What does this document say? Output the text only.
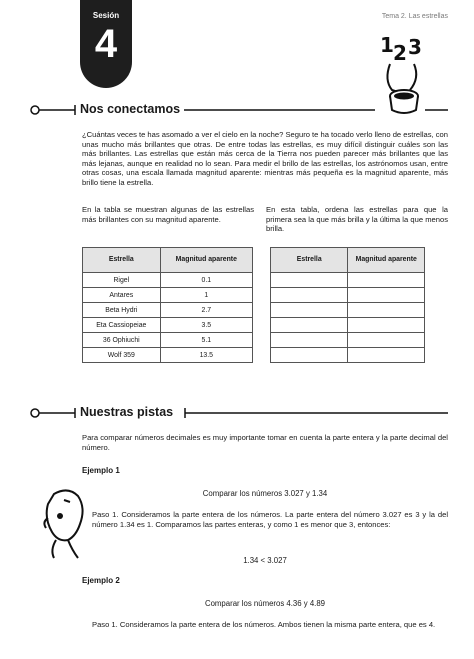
Sesión
4
Tema 2. Las estrellas
1 2 3
Nos conectamos

¿Cuántas veces te has asomado a ver el cielo en la noche? Seguro te ha tocado verlo lleno de estrellas, con unas mucho más brillantes que otras. De entre todas las estrellas, es muy difícil distinguir cuáles son las más brillantes. Las estrellas que están más cerca de la Tierra nos pueden parecer más brillantes que las más lejanas, aunque en realidad no lo sean. Para medir el brillo de las estrellas, los astrónomos usan, entre otras cosas, una escala llamada magnitud aparente: mientras más pequeña es la magnitud aparente, más brillo tiene la estrella.

En la tabla se muestran algunas de las estrellas más brillantes con su magnitud aparente.

En esta tabla, ordena las estrellas para que la primera sea la que más brilla y la última la que menos brilla.

Estrella	Magnitud aparente
Rigel	0.1
Antares	1
Beta Hydri	2.7
Eta Cassiopeiae	3.5
36 Ophiuchi	5.1
Wolf 359	13.5
Estrella	Magnitud aparente

Nuestras pistas

Para comparar números decimales es muy importante tomar en cuenta la parte entera y la parte decimal del número.

Ejemplo 1
Comparar los números 3.027 y 1.34

Paso 1. Consideramos la parte entera de los números. La parte entera del número 3.027 es 3 y la del número 1.34 es 1. Comparamos las partes enteras, y como 1 es menor que 3, entonces:

1.34 < 3.027
Ejemplo 2
Comparar los números 4.36 y 4.89

Paso 1. Consideramos la parte entera de los números. Ambos tienen la misma parte entera, que es 4.
